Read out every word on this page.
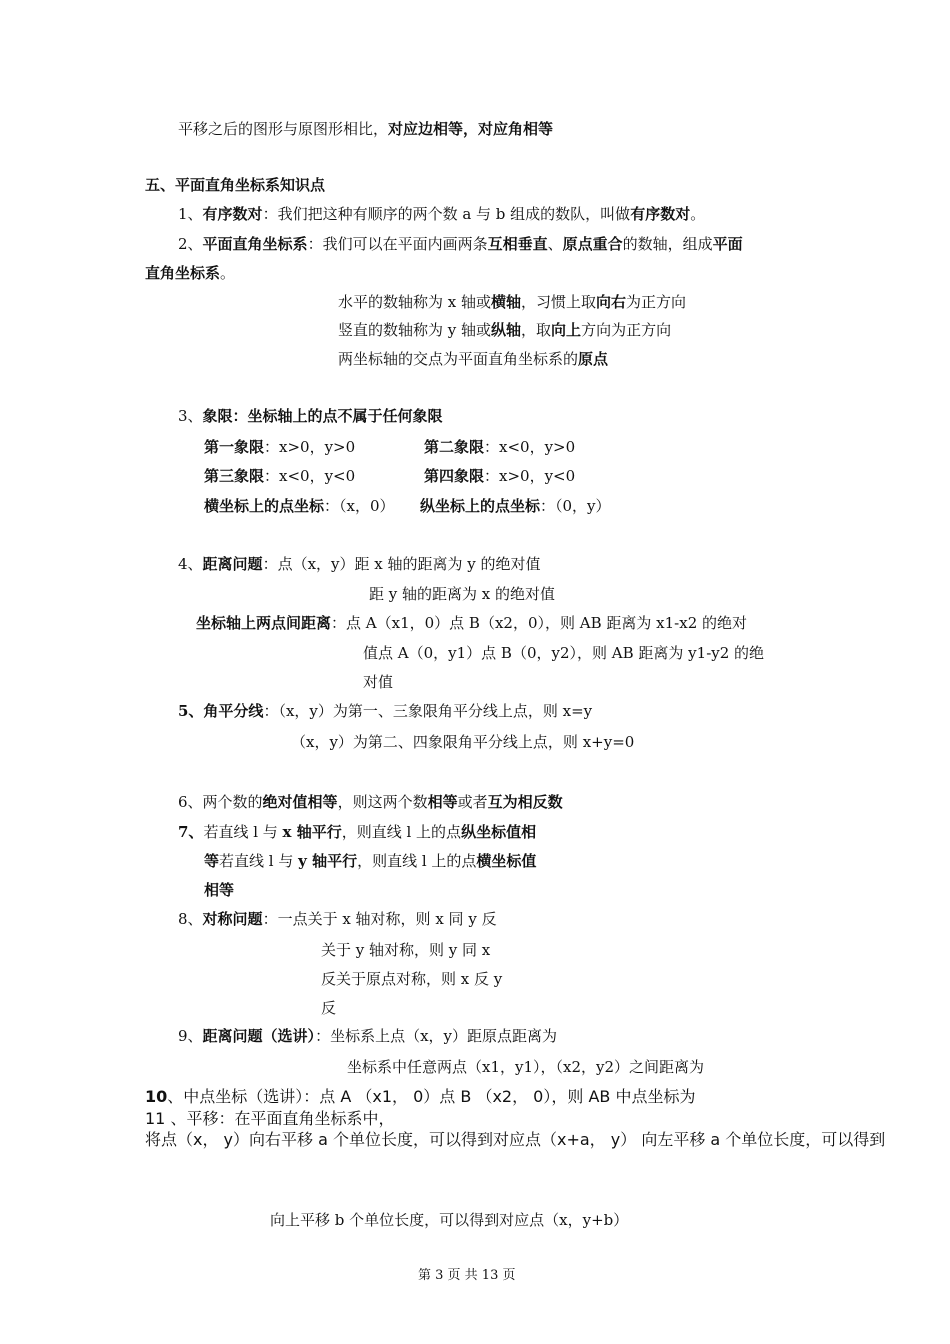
平移之后的图形与原图形相比，对应边相等，对应角相等
五、平面直角坐标系知识点
1、有序数对：我们把这种有顺序的两个数 a 与 b 组成的数队，叫做有序数对。
2、平面直角坐标系：我们可以在平面内画两条互相垂直、原点重合的数轴，组成平面
直角坐标系。
水平的数轴称为 x 轴或横轴，习惯上取向右为正方向
竖直的数轴称为 y 轴或纵轴，取向上方向为正方向
两坐标轴的交点为平面直角坐标系的原点
3、象限：坐标轴上的点不属于任何象限
第一象限：x>0，y>0	第二象限：x<0，y>0
第三象限：x<0，y<0	第四象限：x>0，y<0
横坐标上的点坐标：（x，0） 纵坐标上的点坐标：（0，y）
4、距离问题：点（x，y）距 x 轴的距离为 y 的绝对值
距 y 轴的距离为 x 的绝对值
坐标轴上两点间距离：点 A（x1，0）点 B（x2，0），则 AB 距离为 x1-x2 的绝对
值点 A（0，y1）点 B（0，y2），则 AB 距离为 y1-y2 的绝
对值
5、角平分线：（x，y）为第一、三象限角平分线上点，则 x=y
（x，y）为第二、四象限角平分线上点，则 x+y=0
6、两个数的绝对值相等，则这两个数相等或者互为相反数
7、若直线 l 与 x 轴平行，则直线 l 上的点纵坐标值相
等若直线 l 与 y 轴平行，则直线 l 上的点横坐标值
相等
8、对称问题：一点关于 x 轴对称，则 x 同 y 反
关于 y 轴对称，则 y 同 x
反关于原点对称，则 x 反 y
反
9、距离问题（选讲）：坐标系上点（x，y）距原点距离为
坐标系中任意两点（x1，y1），（x2，y2）之间距离为
10、中点坐标（选讲）：点 A （x1， 0）点 B （x2， 0），则 AB 中点坐标为
11 、平移：在平面直角坐标系中，
将点（x， y）向右平移 a 个单位长度，可以得到对应点（x+a， y） 向左平移 a 个单位长度，可以得到
向上平移 b 个单位长度，可以得到对应点（x，y+b）
第 3 页 共 13 页
